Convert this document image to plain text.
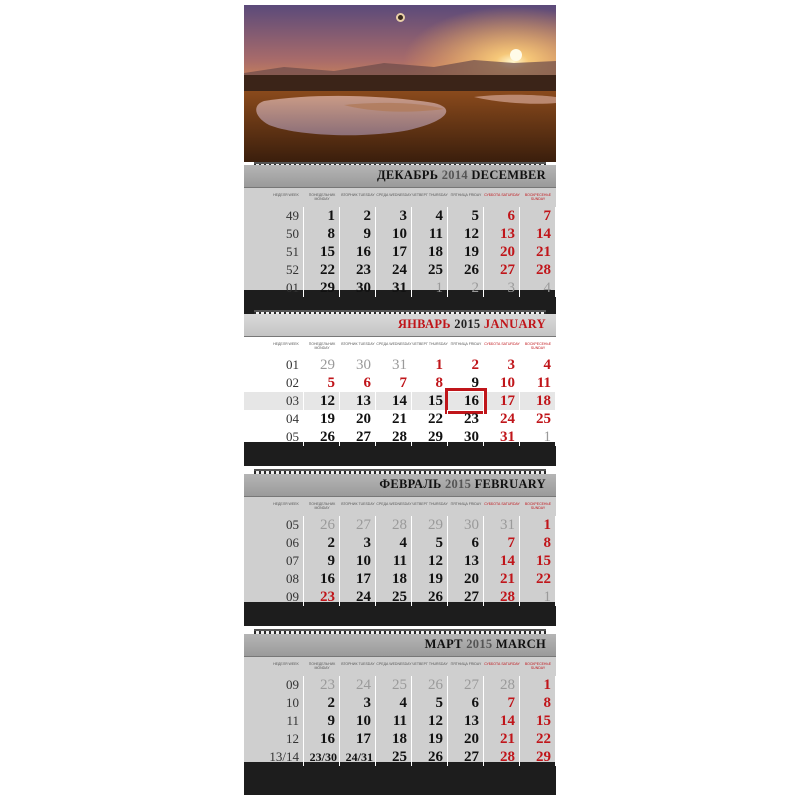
ДЕКАБРЬ 2014 DECEMBER
НЕДЕЛЯ WEEK	ПОНЕДЕЛЬНИК MONDAY
ВТОРНИК TUESDAY СРЕДА WEDNESDAY ЧЕТВЕРГ THURSDAY ПЯТНИЦА FRIDAY СУББОТА SATURDAY	ВОСКРЕСЕНЬЕ SUNDAY
49	1	2	3	4	5	6	7
50	8	9	10	11	12	13	14
51	15	16	17	18	19	20	21
52	22	23	24	25	26	27	28
01	29	30	31	1	2	3	4
ЯНВАРЬ 2015 JANUARY
НЕДЕЛЯ WEEK	ПОНЕДЕЛЬНИК MONDAY
ВТОРНИК TUESDAY СРЕДА WEDNESDAY ЧЕТВЕРГ THURSDAY ПЯТНИЦА FRIDAY СУББОТА SATURDAY	ВОСКРЕСЕНЬЕ SUNDAY
01	29	30	31	1	2	3	4
02	5	6	7	8	9	10	11
03	12	13	14	15	16	17	18
04	19	20	21	22	23	24	25
05	26	27	28	29	30	31	1
ФЕВРАЛЬ 2015 FEBRUARY
НЕДЕЛЯ WEEK	ПОНЕДЕЛЬНИК MONDAY
ВТОРНИК TUESDAY СРЕДА WEDNESDAY ЧЕТВЕРГ THURSDAY ПЯТНИЦА FRIDAY СУББОТА SATURDAY	ВОСКРЕСЕНЬЕ SUNDAY
05	26	27	28	29	30	31	1
06	2	3	4	5	6	7	8
07	9	10	11	12	13	14	15
08	16	17	18	19	20	21	22
09	23	24	25	26	27	28	1
МАРТ 2015 MARCH
НЕДЕЛЯ WEEK	ПОНЕДЕЛЬНИК MONDAY
ВТОРНИК TUESDAY СРЕДА WEDNESDAY ЧЕТВЕРГ THURSDAY ПЯТНИЦА FRIDAY СУББОТА SATURDAY	ВОСКРЕСЕНЬЕ SUNDAY
09	23	24	25	26	27	28	1
10	2	3	4	5	6	7	8
11	9	10	11	12	13	14	15
12	16	17	18	19	20	21	22
13/14 23/30 24/31	25	26	27	28	29
